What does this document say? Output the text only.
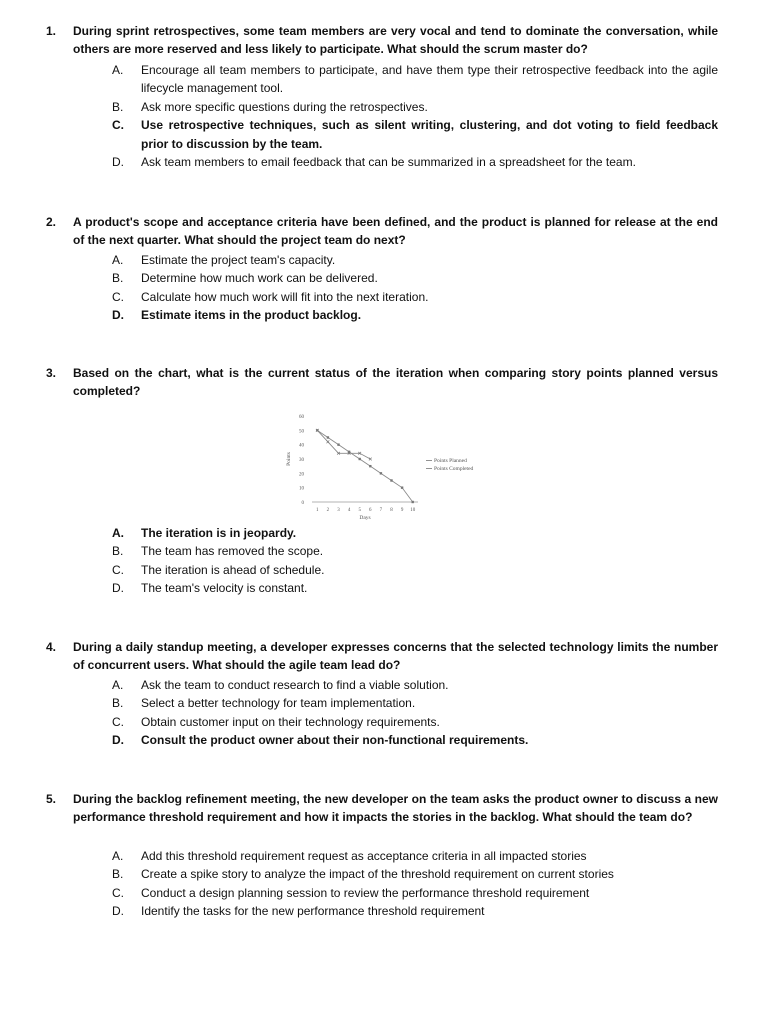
1.	During sprint retrospectives, some team members are very vocal and tend to dominate the conversation, while others are more reserved and less likely to participate. What should the scrum master do?
A. Encourage all team members to participate, and have them type their retrospective feedback into the agile lifecycle management tool.
B. Ask more specific questions during the retrospectives.
C. Use retrospective techniques, such as silent writing, clustering, and dot voting to field feedback prior to discussion by the team.
D. Ask team members to email feedback that can be summarized in a spreadsheet for the team.
2.	A product's scope and acceptance criteria have been defined, and the product is planned for release at the end of the next quarter. What should the project team do next?
A. Estimate the project team's capacity.
B. Determine how much work can be delivered.
C. Calculate how much work will fit into the next iteration.
D. Estimate items in the product backlog.
3.	Based on the chart, what is the current status of the iteration when comparing story points planned versus completed?
0
10
20
30
40
50
60
1 2 3 4 5 6 7 8 9 10
Days
Points	Points Planned
Points Completed
A. The iteration is in jeopardy.
B. The team has removed the scope.
C. The iteration is ahead of schedule.
D. The team's velocity is constant.
4.	During a daily standup meeting, a developer expresses concerns that the selected technology limits the number of concurrent users. What should the agile team lead do?
A. Ask the team to conduct research to find a viable solution.
B. Select a better technology for team implementation.
C. Obtain customer input on their technology requirements.
D. Consult the product owner about their non-functional requirements.
5.	During the backlog refinement meeting, the new developer on the team asks the product owner to discuss a new performance threshold requirement and how it impacts the stories in the backlog. What should the team do?
A. Add this threshold requirement request as acceptance criteria in all impacted stories
B. Create a spike story to analyze the impact of the threshold requirement on current stories
C. Conduct a design planning session to review the performance threshold requirement
D. Identify the tasks for the new performance threshold requirement
